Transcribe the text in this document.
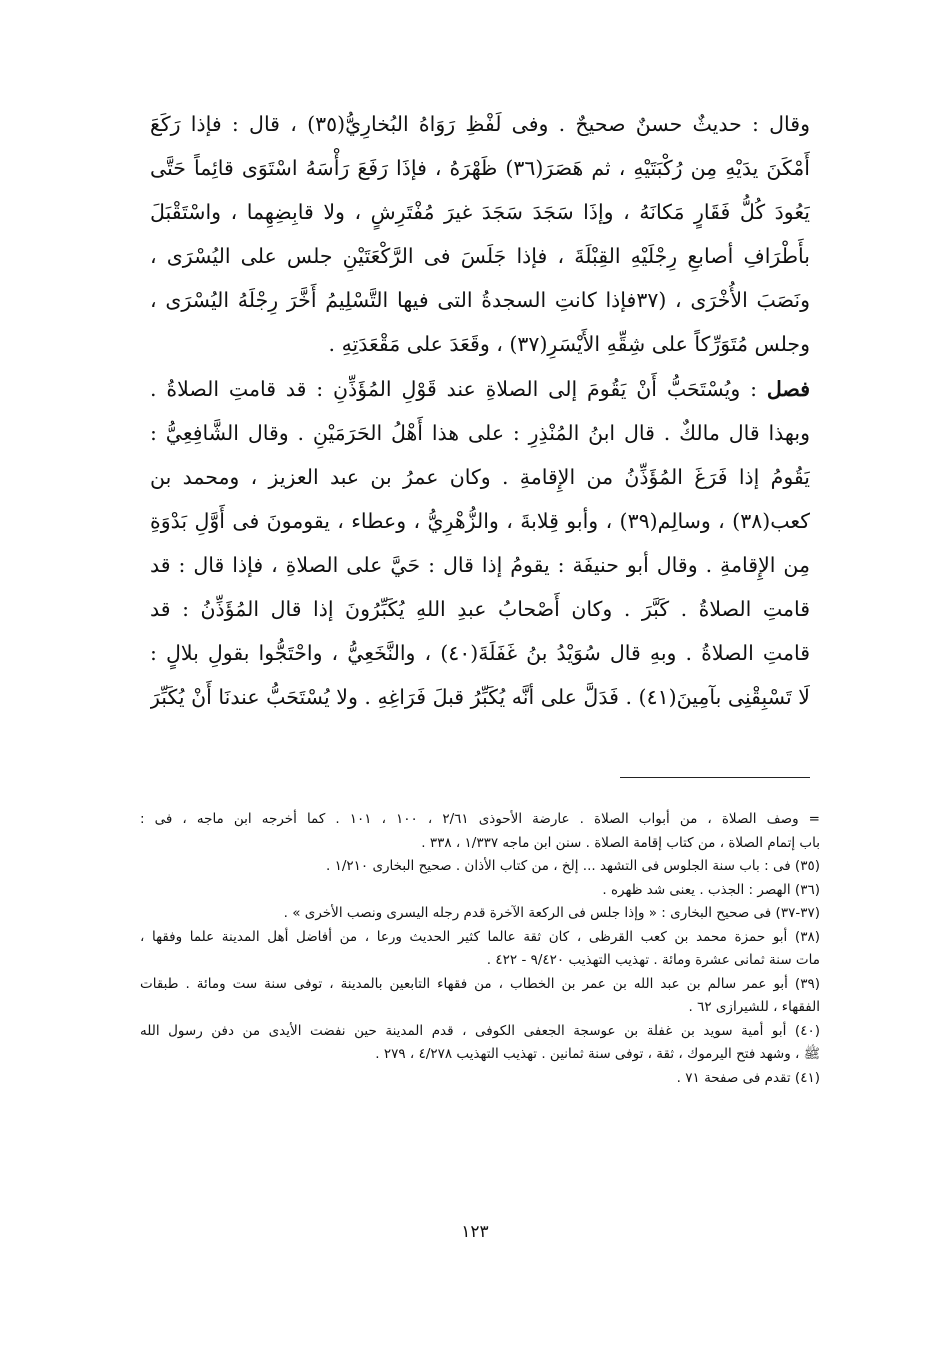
وقال : حديثٌ حسنٌ صحيحٌ . وفى لَفْظِ رَوَاهُ البُخارِيُّ(٣٥) ، قال : فإذا رَكَعَ
أَمْكَنَ يدَيْهِ مِن رُكْبَتَيْهِ ، ثم هَصَرَ(٣٦) ظَهْرَهُ ، فإذَا رَفَعَ رَأْسَهُ اسْتَوَى قائِماً حَتَّى
يَعُودَ كُلُّ فَقَارٍ مَكانَهُ ، وإذَا سَجَدَ سَجَدَ غيرَ مُفْتَرِشٍ ، ولا قابِضِهِما ، واسْتَقْبَلَ
بأَطْرَافِ أصابعِ رِجْلَيْهِ القِبْلَةَ ، فإذا جَلَسَ فى الرَّكْعَتَيْنِ جلس على اليُسْرَى ،
ونَصَبَ الأُخْرَى ، (٣٧فإذا كانتِ السجدةُ التى فيها التَّسْلِيمُ أَخَّرَ رِجْلَهُ اليُسْرَى ،
وجلس مُتَوَرِّكاً على شِقِّهِ الأَيْسَرِ(٣٧) ، وقَعَدَ على مَقْعَدَتِهِ .

فصل : ويُسْتَحَبُّ أَنْ يَقُومَ إلى الصلاةِ عند قَوْلِ المُؤَذِّنِ : قد قامتِ الصلاةُ .
وبهذا قال مالكٌ . قال ابنُ المُنْذِرِ : على هذا أَهْلُ الحَرَمَيْنِ . وقال الشَّافِعِيُّ :
يَقُومُ إذا فَرَغَ المُؤَذِّنُ من الإِقامةِ . وكان عمرُ بن عبد العزيز ، ومحمد بن
كعب(٣٨) ، وسالِم(٣٩) ، وأبو قِلابةَ ، والزُّهْرِيُّ ، وعطاء ، يقومونَ فى أَوَّلِ بَدْوَةِ
مِن الإِقامةِ . وقال أبو حنيفَة : يقومُ إذا قال : حَيَّ على الصلاةِ ، فإذا قال : قد
قامتِ الصلاةُ . كَبَّرَ . وكان أَصْحابُ عبدِ اللهِ يُكَبِّرُونَ إذا قال المُؤَذِّنُ : قد
قامتِ الصلاةُ . وبهِ قال سُوَيْدُ بنُ غَفَلَةَ(٤٠) ، والنَّخَعِيُّ ، واحْتَجُّوا بقولِ بلالٍ :
لَا تَسْبِقْنِى بآمِينَ(٤١) . فَدَلَّ على أنَّه يُكَبِّرُ قبلَ فَرَاغِهِ . ولا يُسْتَحَبُّ عندنَا أَنْ يُكَبِّرَ

= وصف الصلاة ، من أبواب الصلاة . عارضة الأحوذى ٢/٦١ ، ١٠٠ ، ١٠١ . كما أخرجه ابن ماجه ، فى :
باب إتمام الصلاة ، من كتاب إقامة الصلاة . سنن ابن ماجه ١/٣٣٧ ، ٣٣٨ .

(٣٥) فى : باب سنة الجلوس فى التشهد ... إلخ ، من كتاب الأذان . صحيح البخارى ١/٢١٠ .

(٣٦) الهصر : الجذب . يعنى شد ظهره .

(٣٧-٣٧) فى صحيح البخارى : « وإذا جلس فى الركعة الآخرة قدم رجله اليسرى ونصب الأخرى » .

(٣٨) أبو حمزة محمد بن كعب القرظى ، كان ثقة عالما كثير الحديث ورعا ، من أفاضل أهل المدينة علما وفقها ،
مات سنة ثمانى عشرة ومائة . تهذيب التهذيب ٩/٤٢٠ - ٤٢٢ .

(٣٩) أبو عمر سالم بن عبد الله بن عمر بن الخطاب ، من فقهاء التابعين بالمدينة ، توفى سنة ست ومائة . طبقات
الفقهاء ، للشيرازى ٦٢ .

(٤٠) أبو أمية سويد بن غفلة بن عوسجة الجعفى الكوفى ، قدم المدينة حين نفضت الأيدى من دفن رسول الله
ﷺ ، وشهد فتح اليرموك ، ثقة ، توفى سنة ثمانين . تهذيب التهذيب ٤/٢٧٨ ، ٢٧٩ .

(٤١) تقدم فى صفحة ٧١ .

١٢٣
